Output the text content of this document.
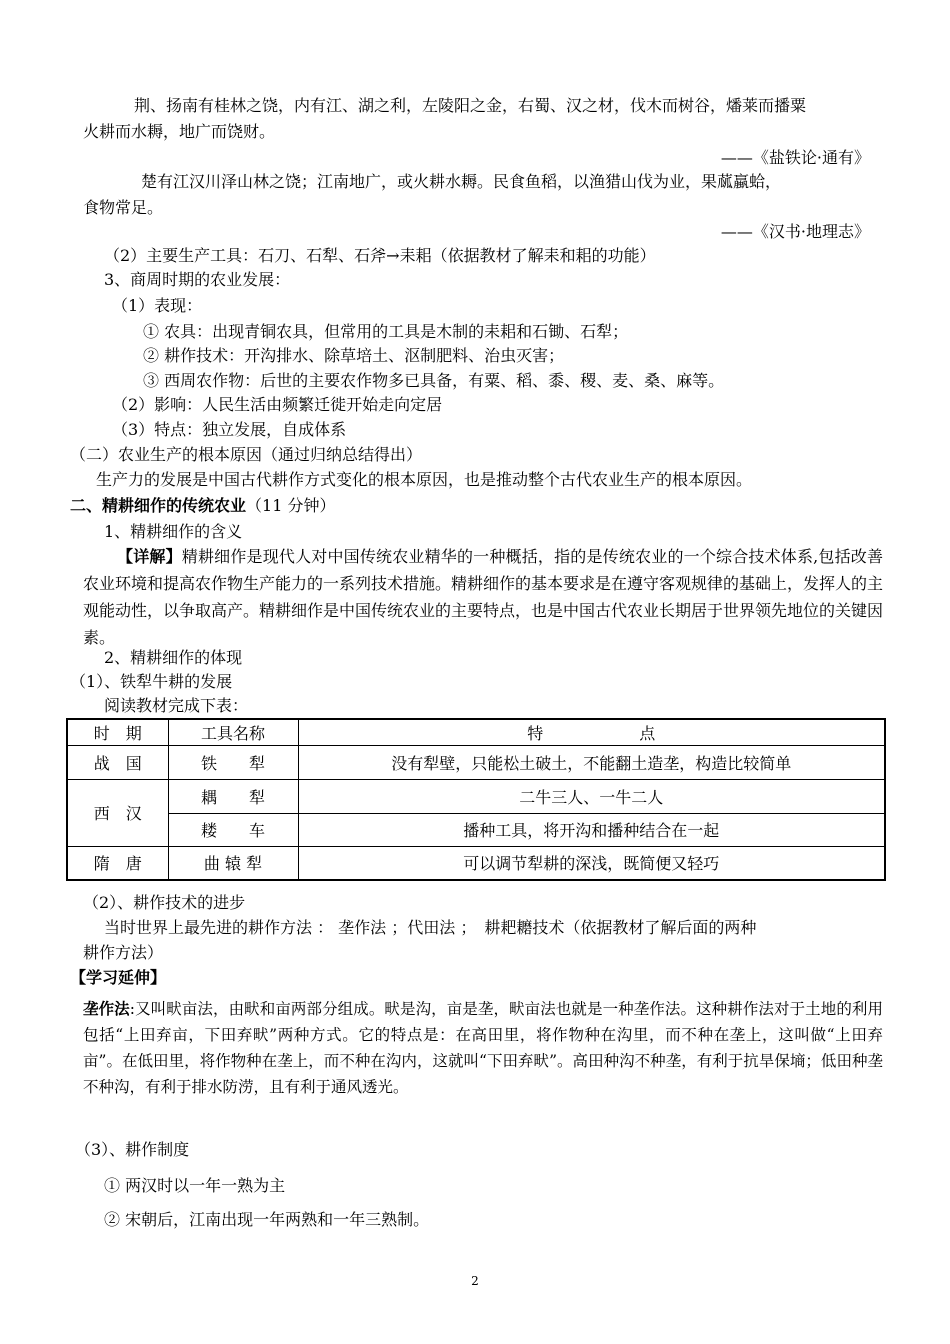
荆、扬南有桂林之饶，内有江、湖之利，左陵阳之金，右蜀、汉之材，伐木而树谷，燔莱而播粟
火耕而水耨，地广而饶财。
——《盐铁论·通有》
楚有江汉川泽山林之饶；江南地广，或火耕水耨。民食鱼稻，以渔猎山伐为业，果蓏蠃蛤，
食物常足。
——《汉书·地理志》
（2）主要生产工具：石刀、石犁、石斧→耒耜（依据教材了解耒和耜的功能）
3、商周时期的农业发展：
（1）表现：
① 农具：出现青铜农具，但常用的工具是木制的耒耜和石锄、石犁；
② 耕作技术：开沟排水、除草培土、沤制肥料、治虫灭害；
③ 西周农作物：后世的主要农作物多已具备，有粟、稻、黍、稷、麦、桑、麻等。
（2）影响：人民生活由频繁迁徙开始走向定居
（3）特点：独立发展，自成体系
（二）农业生产的根本原因（通过归纳总结得出）
生产力的发展是中国古代耕作方式变化的根本原因，也是推动整个古代农业生产的根本原因。
二、精耕细作的传统农业（11 分钟）
1、精耕细作的含义
【详解】精耕细作是现代人对中国传统农业精华的一种概括，指的是传统农业的一个综合技术体系,包括改善农业环境和提高农作物生产能力的一系列技术措施。精耕细作的基本要求是在遵守客观规律的基础上，发挥人的主观能动性，以争取高产。精耕细作是中国传统农业的主要特点，也是中国古代农业长期居于世界领先地位的关键因素。
2、精耕细作的体现
（1）、铁犁牛耕的发展
阅读教材完成下表：
时　期	工具名称	特　　　　　　点
战　国	铁　　犁	没有犁壁，只能松土破土，不能翻土造垄，构造比较简单
西　汉	耦　　犁	二牛三人、一牛二人
	耧　　车	播种工具，将开沟和播种结合在一起
隋　唐	曲 辕 犁	可以调节犁耕的深浅，既简便又轻巧
（2）、耕作技术的进步
当时世界上最先进的耕作方法 ： 垄作法 ；代田法 ；　耕耙耱技术（依据教材了解后面的两种
耕作方法）
【学习延伸】
垄作法:又叫畎亩法，由畎和亩两部分组成。畎是沟，亩是垄，畎亩法也就是一种垄作法。这种耕作法对于土地的利用包括“上田弃亩，下田弃畎”两种方式。它的特点是：在高田里，将作物种在沟里，而不种在垄上，这叫做“上田弃亩”。在低田里，将作物种在垄上，而不种在沟内，这就叫“下田弃畎”。高田种沟不种垄，有利于抗旱保墒；低田种垄不种沟，有利于排水防涝，且有利于通风透光。
（3）、耕作制度
① 两汉时以一年一熟为主
② 宋朝后，江南出现一年两熟和一年三熟制。
2
